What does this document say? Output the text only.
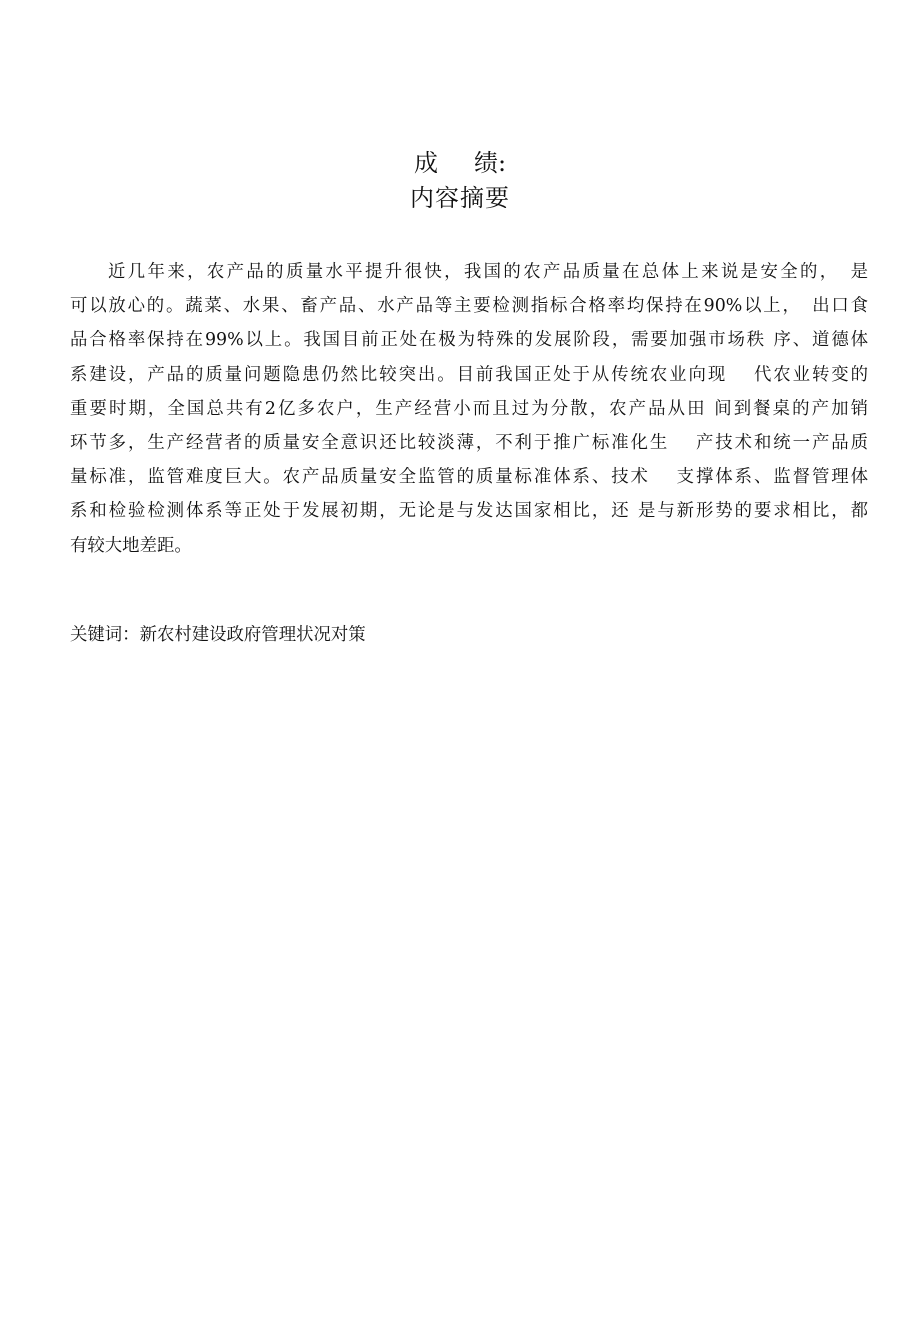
成 绩:
内容摘要
近几年来，农产品的质量水平提升很快，我国的农产品质量在总体上来说是安全的，　是
可以放心的。蔬菜、水果、畜产品、水产品等主要检测指标合格率均保持在90%以上，　出口食
品合格率保持在99%以上。我国目前正处在极为特殊的发展阶段，需要加强市场秩 序、道德体
系建设，产品的质量问题隐患仍然比较突出。目前我国正处于从传统农业向现　 代农业转变的
重要时期，全国总共有2亿多农户，生产经营小而且过为分散，农产品从田 间到餐桌的产加销
环节多，生产经营者的质量安全意识还比较淡薄，不利于推广标准化生　 产技术和统一产品质
量标准，监管难度巨大。农产品质量安全监管的质量标准体系、技术　 支撑体系、监督管理体
系和检验检测体系等正处于发展初期，无论是与发达国家相比，还 是与新形势的要求相比，都
有较大地差距。
关键词：新农村建设政府管理状况对策
